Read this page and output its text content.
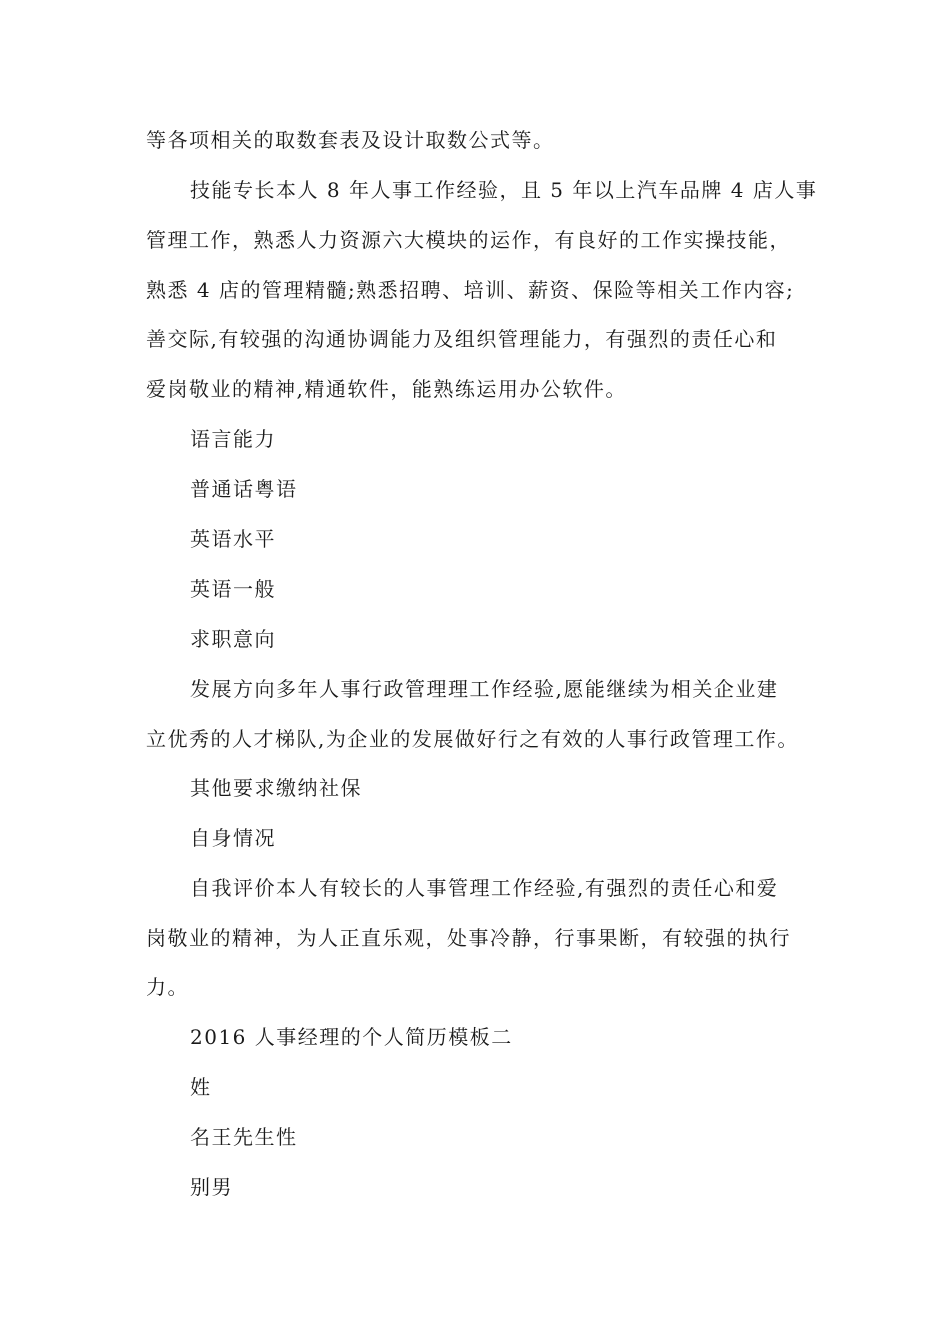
等各项相关的取数套表及设计取数公式等。
技能专长本人 8 年人事工作经验，且 5 年以上汽车品牌 4 店人事
管理工作，熟悉人力资源六大模块的运作，有良好的工作实操技能，
熟悉 4 店的管理精髓;熟悉招聘、培训、薪资、保险等相关工作内容;
善交际,有较强的沟通协调能力及组织管理能力，有强烈的责任心和
爱岗敬业的精神,精通软件，能熟练运用办公软件。
语言能力
普通话粤语
英语水平
英语一般
求职意向
发展方向多年人事行政管理理工作经验,愿能继续为相关企业建
立优秀的人才梯队,为企业的发展做好行之有效的人事行政管理工作。
其他要求缴纳社保
自身情况
自我评价本人有较长的人事管理工作经验,有强烈的责任心和爱
岗敬业的精神，为人正直乐观，处事冷静，行事果断，有较强的执行
力。
2016 人事经理的个人简历模板二
姓
名王先生性
别男
